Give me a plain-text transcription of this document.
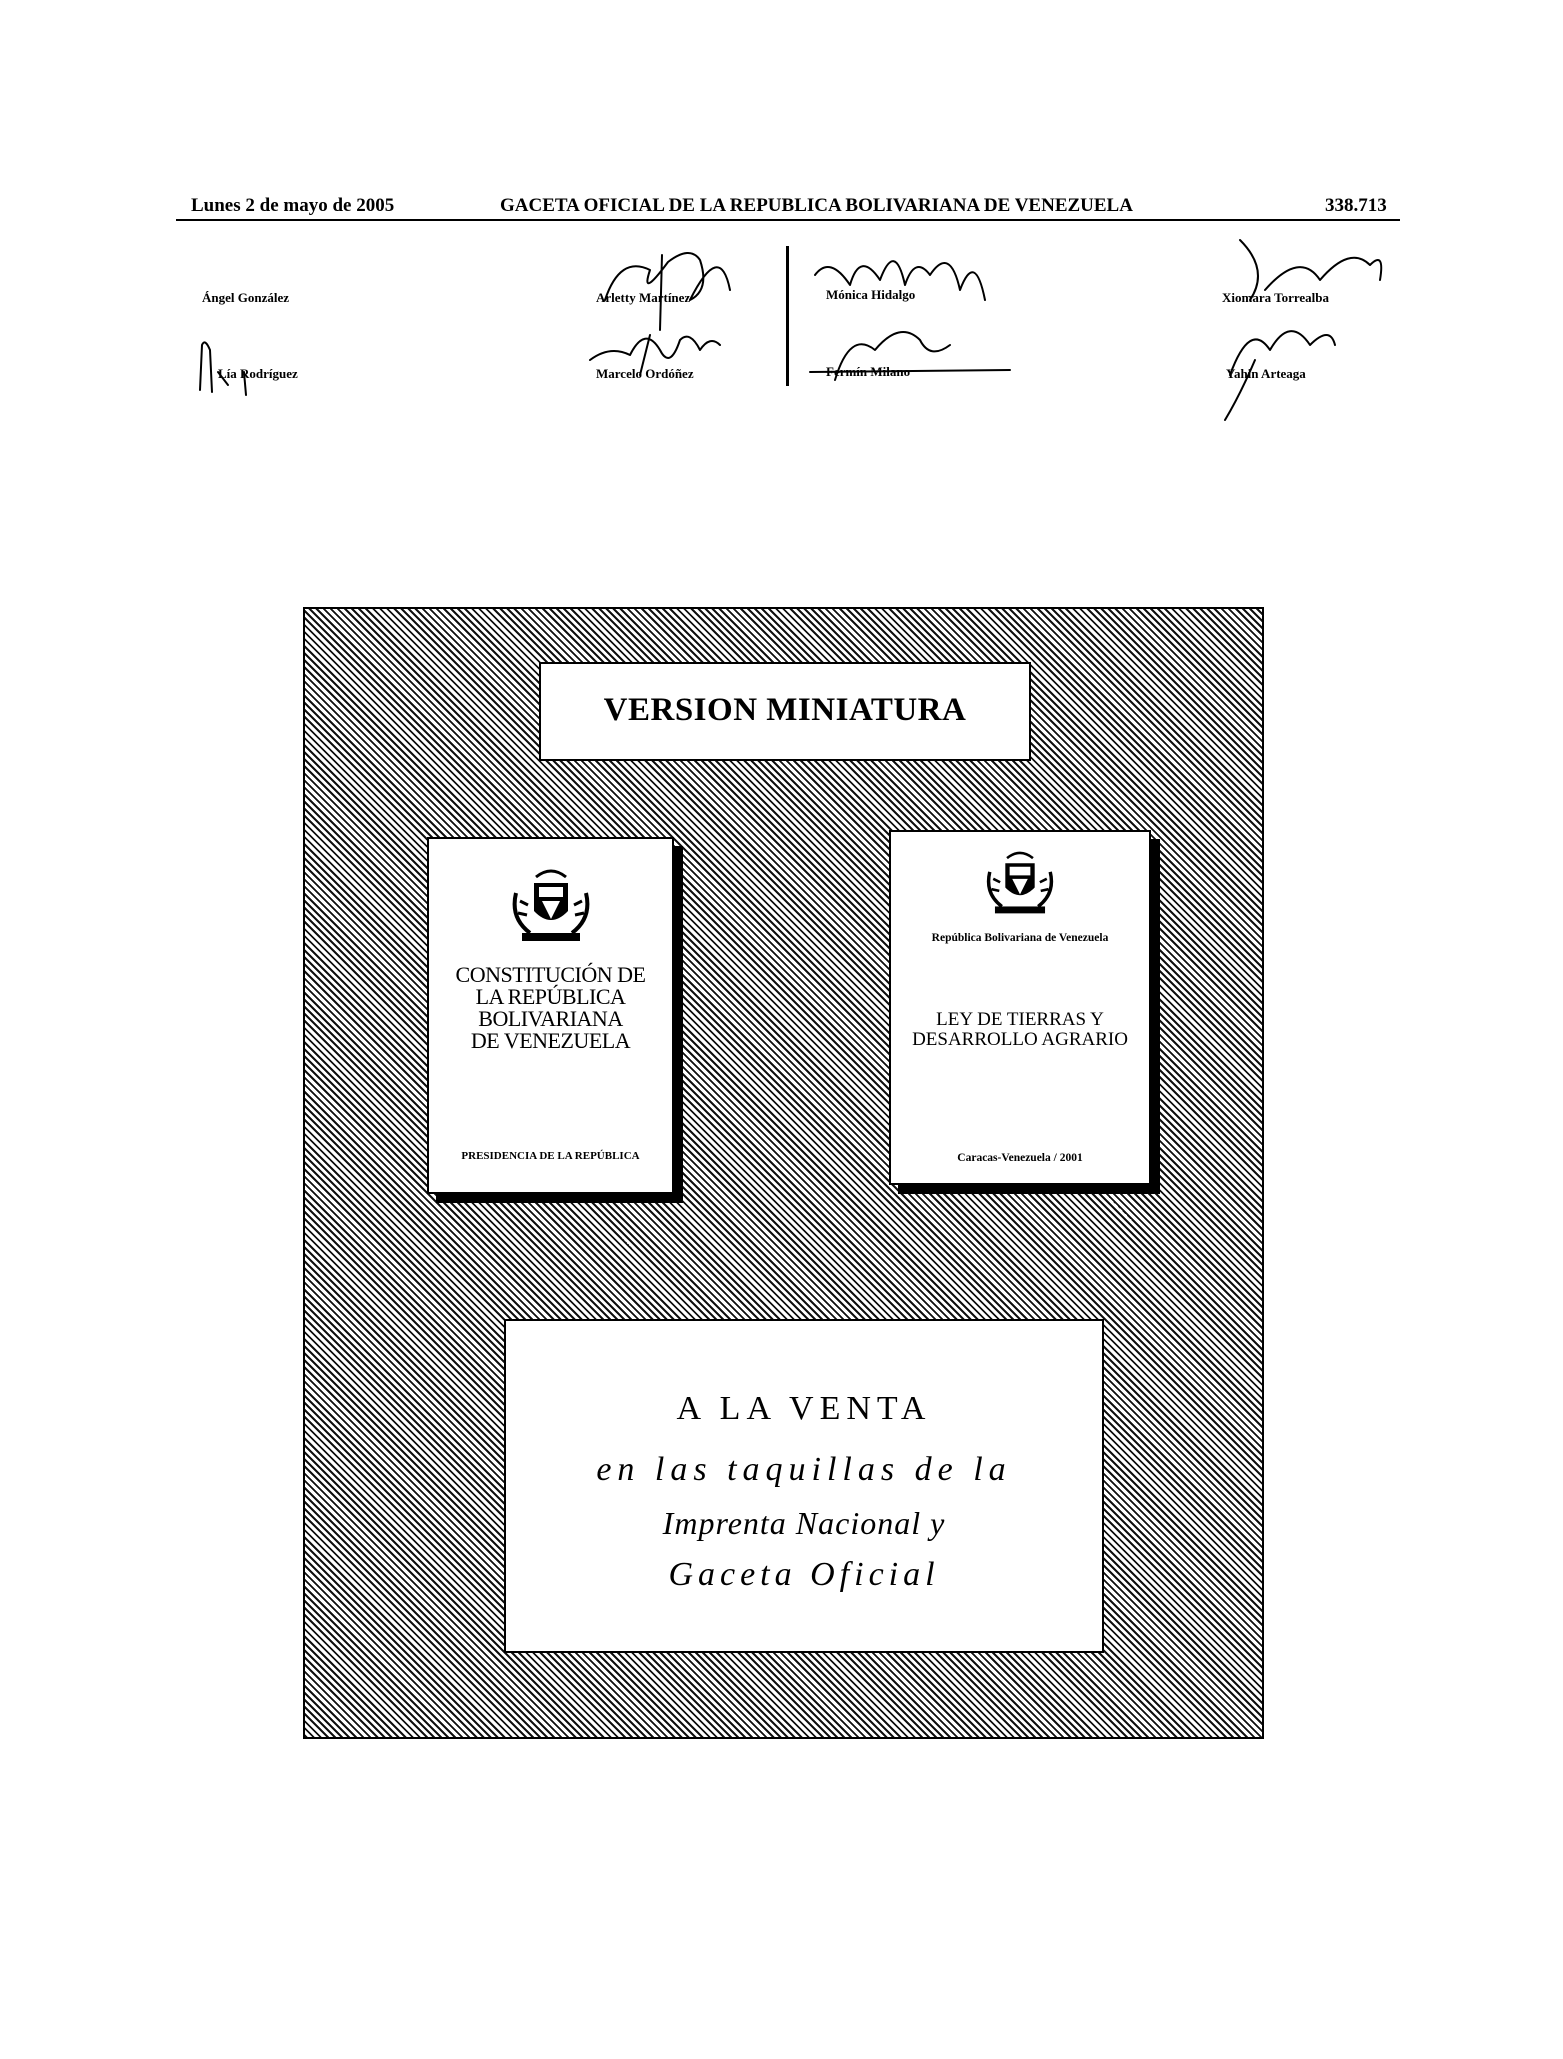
Lunes 2 de mayo de 2005	GACETA OFICIAL DE LA REPUBLICA BOLIVARIANA DE VENEZUELA	338.713
Ángel González
Lía Rodríguez
Arletty Martínez
Marcelo Ordóñez
Mónica Hidalgo
Fermín Milano
Xiomara Torrealba
Yahin Arteaga
VERSION MINIATURA
CONSTITUCIÓN DE
LA REPÚBLICA
BOLIVARIANA
DE VENEZUELA
PRESIDENCIA DE LA REPÚBLICA
República Bolivariana de Venezuela
LEY DE TIERRAS Y
DESARROLLO AGRARIO
Caracas-Venezuela / 2001
A LA VENTA
en las taquillas de la
Imprenta Nacional y
Gaceta Oficial
